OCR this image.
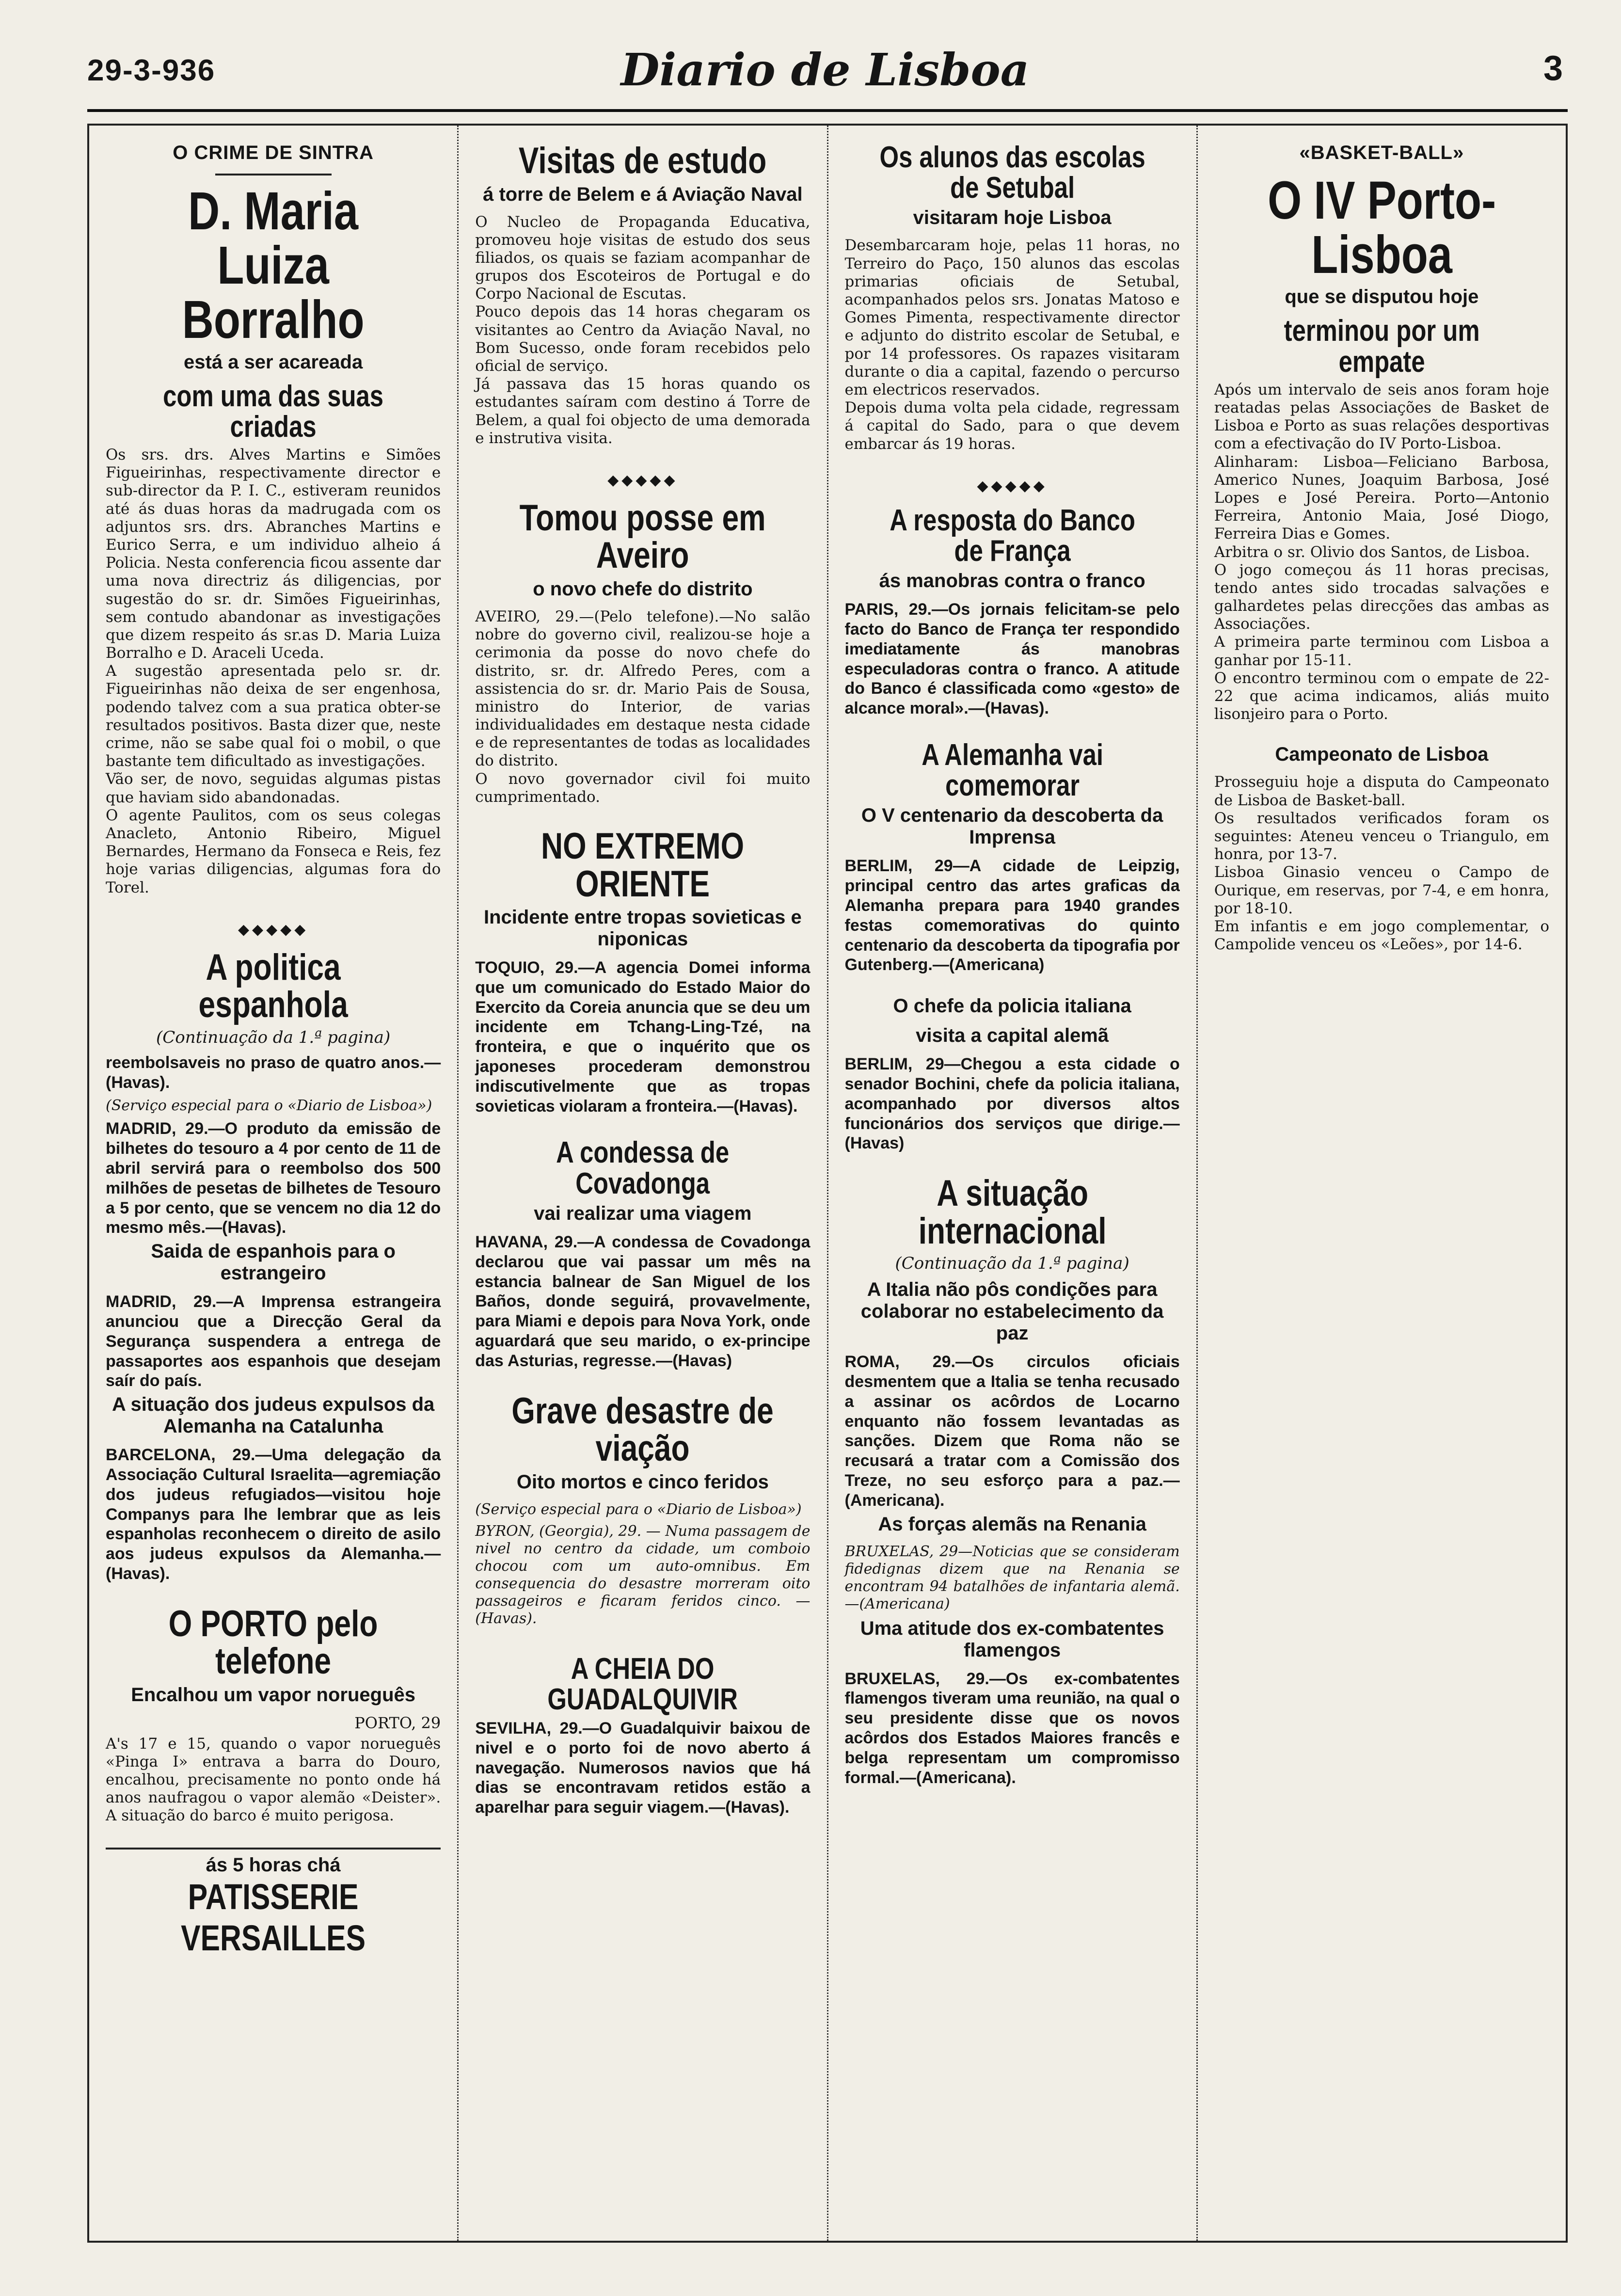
29-3-936	Diario de Lisboa	3
O CRIME DE SINTRA
D. Maria Luiza Borralho
está a ser acareada
com uma das suas criadas

Os srs. drs. Alves Martins e Simões Figueirinhas, respectivamente director e sub-director da P. I. C., estiveram reunidos até ás duas horas da madrugada com os adjuntos srs. drs. Abranches Martins e Eurico Serra, e um individuo alheio á Policia. Nesta conferencia ficou assente dar uma nova directriz ás diligencias, por sugestão do sr. dr. Simões Figueirinhas, sem contudo abandonar as investigações que dizem respeito ás sr.as D. Maria Luiza Borralho e D. Araceli Uceda.

A sugestão apresentada pelo sr. dr. Figueirinhas não deixa de ser engenhosa, podendo talvez com a sua pratica obter-se resultados positivos. Basta dizer que, neste crime, não se sabe qual foi o mobil, o que bastante tem dificultado as investigações.

Vão ser, de novo, seguidas algumas pistas que haviam sido abandonadas.

O agente Paulitos, com os seus colegas Anacleto, Antonio Ribeiro, Miguel Bernardes, Hermano da Fonseca e Reis, fez hoje varias diligencias, algumas fora do Torel.

◆◆◆◆◆
A politica espanhola
(Continuação da 1.ª pagina)

reembolsaveis no praso de quatro anos.—(Havas).

(Serviço especial para o «Diario de Lisboa»)

MADRID, 29.—O produto da emissão de bilhetes do tesouro a 4 por cento de 11 de abril servirá para o reembolso dos 500 milhões de pesetas de bilhetes de Tesouro a 5 por cento, que se vencem no dia 12 do mesmo mês.—(Havas).

Saida de espanhois para o estrangeiro

MADRID, 29.—A Imprensa estrangeira anunciou que a Direcção Geral da Segurança suspendera a entrega de passaportes aos espanhois que desejam saír do país.

A situação dos judeus expulsos da Alemanha na Catalunha

BARCELONA, 29.—Uma delegação da Associação Cultural Israelita—agremiação dos judeus refugiados—visitou hoje Companys para lhe lembrar que as leis espanholas reconhecem o direito de asilo aos judeus expulsos da Alemanha.—(Havas).

O PORTO pelo telefone
Encalhou um vapor norueguês
PORTO, 29

A's 17 e 15, quando o vapor norueguês «Pinga I» entrava a barra do Douro, encalhou, precisamente no ponto onde há anos naufragou o vapor alemão «Deister». A situação do barco é muito perigosa.

ás 5 horas chá
PATISSERIE VERSAILLES
Visitas de estudo
á torre de Belem e á Aviação Naval

O Nucleo de Propaganda Educativa, promoveu hoje visitas de estudo dos seus filiados, os quais se faziam acompanhar de grupos dos Escoteiros de Portugal e do Corpo Nacional de Escutas.

Pouco depois das 14 horas chegaram os visitantes ao Centro da Aviação Naval, no Bom Sucesso, onde foram recebidos pelo oficial de serviço.

Já passava das 15 horas quando os estudantes saíram com destino á Torre de Belem, a qual foi objecto de uma demorada e instrutiva visita.

◆◆◆◆◆
Tomou posse em Aveiro
o novo chefe do distrito

AVEIRO, 29.—(Pelo telefone).—No salão nobre do governo civil, realizou-se hoje a cerimonia da posse do novo chefe do distrito, sr. dr. Alfredo Peres, com a assistencia do sr. dr. Mario Pais de Sousa, ministro do Interior, de varias individualidades em destaque nesta cidade e de representantes de todas as localidades do distrito.

O novo governador civil foi muito cumprimentado.

NO EXTREMO ORIENTE
Incidente entre tropas sovieticas e niponicas

TOQUIO, 29.—A agencia Domei informa que um comunicado do Estado Maior do Exercito da Coreia anuncia que se deu um incidente em Tchang-Ling-Tzé, na fronteira, e que o inquérito que os japoneses procederam demonstrou indiscutivelmente que as tropas sovieticas violaram a fronteira.—(Havas).

A condessa de Covadonga
vai realizar uma viagem

HAVANA, 29.—A condessa de Covadonga declarou que vai passar um mês na estancia balnear de San Miguel de los Baños, donde seguirá, provavelmente, para Miami e depois para Nova York, onde aguardará que seu marido, o ex-principe das Asturias, regresse.—(Havas)

Grave desastre de viação
Oito mortos e cinco feridos
(Serviço especial para o «Diario de Lisboa»)

BYRON, (Georgia), 29. — Numa passagem de nivel no centro da cidade, um comboio chocou com um auto-omnibus. Em consequencia do desastre morreram oito passageiros e ficaram feridos cinco. — (Havas).

A CHEIA DO GUADALQUIVIR

SEVILHA, 29.—O Guadalquivir baixou de nivel e o porto foi de novo aberto á navegação. Numerosos navios que há dias se encontravam retidos estão a aparelhar para seguir viagem.—(Havas).

Os alunos das escolas de Setubal
visitaram hoje Lisboa

Desembarcaram hoje, pelas 11 horas, no Terreiro do Paço, 150 alunos das escolas primarias oficiais de Setubal, acompanhados pelos srs. Jonatas Matoso e Gomes Pimenta, respectivamente director e adjunto do distrito escolar de Setubal, e por 14 professores. Os rapazes visitaram durante o dia a capital, fazendo o percurso em electricos reservados.

Depois duma volta pela cidade, regressam á capital do Sado, para o que devem embarcar ás 19 horas.

◆◆◆◆◆
A resposta do Banco de França
ás manobras contra o franco

PARIS, 29.—Os jornais felicitam-se pelo facto do Banco de França ter respondido imediatamente ás manobras especuladoras contra o franco. A atitude do Banco é classificada como «gesto» de alcance moral».—(Havas).

A Alemanha vai comemorar
O V centenario da descoberta da Imprensa

BERLIM, 29—A cidade de Leipzig, principal centro das artes graficas da Alemanha prepara para 1940 grandes festas comemorativas do quinto centenario da descoberta da tipografia por Gutenberg.—(Americana)

O chefe da policia italiana
visita a capital alemã

BERLIM, 29—Chegou a esta cidade o senador Bochini, chefe da policia italiana, acompanhado por diversos altos funcionários dos serviços que dirige.—(Havas)

A situação internacional
(Continuação da 1.ª pagina)
A Italia não pôs condições para colaborar no estabelecimento da paz

ROMA, 29.—Os circulos oficiais desmentem que a Italia se tenha recusado a assinar os acôrdos de Locarno enquanto não fossem levantadas as sanções. Dizem que Roma não se recusará a tratar com a Comissão dos Treze, no seu esforço para a paz.—(Americana).

As forças alemãs na Renania

BRUXELAS, 29—Noticias que se consideram fidedignas dizem que na Renania se encontram 94 batalhões de infantaria alemã.—(Americana)

Uma atitude dos ex-combatentes flamengos

BRUXELAS, 29.—Os ex-combatentes flamengos tiveram uma reunião, na qual o seu presidente disse que os novos acôrdos dos Estados Maiores francês e belga representam um compromisso formal.—(Americana).

«BASKET-BALL»
O IV Porto-Lisboa
que se disputou hoje
terminou por um empate

Após um intervalo de seis anos foram hoje reatadas pelas Associações de Basket de Lisboa e Porto as suas relações desportivas com a efectivação do IV Porto-Lisboa.

Alinharam: Lisboa—Feliciano Barbosa, Americo Nunes, Joaquim Barbosa, José Lopes e José Pereira. Porto—Antonio Ferreira, Antonio Maia, José Diogo, Ferreira Dias e Gomes.

Arbitra o sr. Olivio dos Santos, de Lisboa.

O jogo começou ás 11 horas precisas, tendo antes sido trocadas salvações e galhardetes pelas direcções das ambas as Associações.

A primeira parte terminou com Lisboa a ganhar por 15-11.

O encontro terminou com o empate de 22-22 que acima indicamos, aliás muito lisonjeiro para o Porto.

Campeonato de Lisboa

Prosseguiu hoje a disputa do Campeonato de Lisboa de Basket-ball.

Os resultados verificados foram os seguintes: Ateneu venceu o Triangulo, em honra, por 13-7.

Lisboa Ginasio venceu o Campo de Ourique, em reservas, por 7-4, e em honra, por 18-10.

Em infantis e em jogo complementar, o Campolide venceu os «Leões», por 14-6.
